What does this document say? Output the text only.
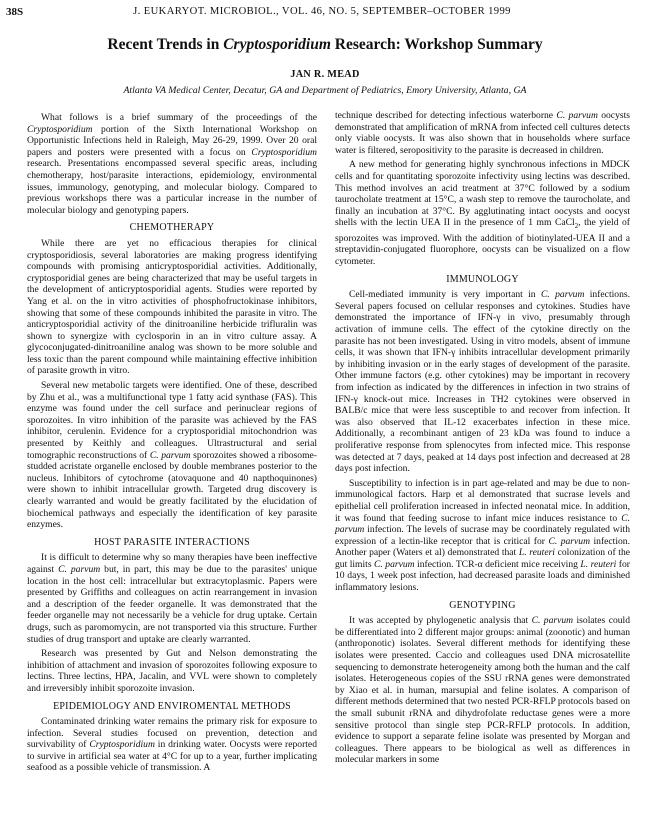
38S	J. EUKARYOT. MICROBIOL., VOL. 46, NO. 5, SEPTEMBER–OCTOBER 1999
Recent Trends in Cryptosporidium Research: Workshop Summary
JAN R. MEAD
Atlanta VA Medical Center, Decatur, GA and Department of Pediatrics, Emory University, Atlanta, GA

What follows is a brief summary of the proceedings of the Cryptosporidium portion of the Sixth International Workshop on Opportunistic Infections held in Raleigh, May 26-29, 1999. Over 20 oral papers and posters were presented with a focus on Cryptosporidium research. Presentations encompassed several specific areas, including chemotherapy, host/parasite interactions, epidemiology, environmental issues, immunology, genotyping, and molecular biology. Compared to previous workshops there was a particular increase in the number of molecular biology and genotyping papers.

CHEMOTHERAPY

While there are yet no efficacious therapies for clinical cryptosporidiosis, several laboratories are making progress identifying compounds with promising anticryptosporidial activities. Additionally, cryptosporidial genes are being characterized that may be useful targets in the development of anticryptosporidial agents. Studies were reported by Yang et al. on the in vitro activities of phosphofructokinase inhibitors, showing that some of these compounds inhibited the parasite in vitro. The anticryptosporidial activity of the dinitroaniline herbicide trifluralin was shown to synergize with cyclosporin in an in vitro culture assay. A glycoconjugated-dinitroaniline analog was shown to be more soluble and less toxic than the parent compound while maintaining effective inhibition of parasite growth in vitro.

Several new metabolic targets were identified. One of these, described by Zhu et al., was a multifunctional type 1 fatty acid synthase (FAS). This enzyme was found under the cell surface and perinuclear regions of sporozoites. In vitro inhibition of the parasite was achieved by the FAS inhibitor, cerulenin. Evidence for a cryptosporidial mitochondrion was presented by Keithly and colleagues. Ultrastructural and serial tomographic reconstructions of C. parvum sporozoites showed a ribosome-studded acristate organelle enclosed by double membranes posterior to the nucleus. Inhibitors of cytochrome (atovaquone and 40 napthoquinones) were shown to inhibit intracellular growth. Targeted drug discovery is clearly warranted and would be greatly facilitated by the elucidation of biochemical pathways and especially the identification of key parasite enzymes.

HOST PARASITE INTERACTIONS

It is difficult to determine why so many therapies have been ineffective against C. parvum but, in part, this may be due to the parasites' unique location in the host cell: intracellular but extracytoplasmic. Papers were presented by Griffiths and colleagues on actin rearrangement in invasion and a description of the feeder organelle. It was demonstrated that the feeder organelle may not necessarily be a vehicle for drug uptake. Certain drugs, such as paromomycin, are not transported via this structure. Further studies of drug transport and uptake are clearly warranted.

Research was presented by Gut and Nelson demonstrating the inhibition of attachment and invasion of sporozoites following exposure to lectins. Three lectins, HPA, Jacalin, and VVL were shown to completely and irreversibly inhibit sporozoite invasion.

EPIDEMIOLOGY AND ENVIROMENTAL METHODS

Contaminated drinking water remains the primary risk for exposure to infection. Several studies focused on prevention, detection and survivability of Cryptosporidium in drinking water. Oocysts were reported to survive in artificial sea water at 4°C for up to a year, further implicating seafood as a possible vehicle of transmission. A

technique described for detecting infectious waterborne C. parvum oocysts demonstrated that amplification of mRNA from infected cell cultures detects only viable oocysts. It was also shown that in households where surface water is filtered, seropositivity to the parasite is decreased in children.

A new method for generating highly synchronous infections in MDCK cells and for quantitating sporozoite infectivity using lectins was described. This method involves an acid treatment at 37°C followed by a sodium taurocholate treatment at 15°C, a wash step to remove the taurocholate, and finally an incubation at 37°C. By agglutinating intact oocysts and oocyst shells with the lectin UEA II in the presence of 1 mm CaCl$_2$, the yield of sporozoites was improved. With the addition of biotinylated-UEA II and a streptavidin-conjugated fluorophore, oocysts can be visualized on a flow cytometer.

IMMUNOLOGY

Cell-mediated immunity is very important in C. parvum infections. Several papers focused on cellular responses and cytokines. Studies have demonstrated the importance of IFN-γ in vivo, presumably through activation of immune cells. The effect of the cytokine directly on the parasite has not been investigated. Using in vitro models, absent of immune cells, it was shown that IFN-γ inhibits intracellular development primarily by inhibiting invasion or in the early stages of development of the parasite. Other immune factors (e.g. other cytokines) may be important in recovery from infection as indicated by the differences in infection in two strains of IFN-γ knock-out mice. Increases in TH2 cytokines were observed in BALB/c mice that were less susceptible to and recover from infection. It was also observed that IL-12 exacerbates infection in these mice. Additionally, a recombinant antigen of 23 kDa was found to induce a proliferative response from splenocytes from infected mice. This response was detected at 7 days, peaked at 14 days post infection and decreased at 28 days post infection.

Susceptibility to infection is in part age-related and may be due to non-immunological factors. Harp et al demonstrated that sucrase levels and epithelial cell proliferation increased in infected neonatal mice. In addition, it was found that feeding sucrose to infant mice induces resistance to C. parvum infection. The levels of sucrase may be coordinately regulated with expression of a lectin-like receptor that is critical for C. parvum infection. Another paper (Waters et al) demonstrated that L. reuteri colonization of the gut limits C. parvum infection. TCR-α deficient mice receiving L. reuteri for 10 days, 1 week post infection, had decreased parasite loads and diminished inflammatory lesions.

GENOTYPING

It was accepted by phylogenetic analysis that C. parvum isolates could be differentiated into 2 different major groups: animal (zoonotic) and human (anthroponotic) isolates. Several different methods for identifying these isolates were presented. Caccio and colleagues used DNA microsatellite sequencing to demonstrate heterogeneity among both the human and the calf isolates. Heterogeneous copies of the SSU rRNA genes were demonstrated by Xiao et al. in human, marsupial and feline isolates. A comparison of different methods determined that two nested PCR-RFLP protocols based on the small subunit rRNA and dihydrofolate reductase genes were a more sensitive protocol than single step PCR-RFLP protocols. In addition, evidence to support a separate feline isolate was presented by Morgan and colleagues. There appears to be biological as well as differences in molecular markers in some
